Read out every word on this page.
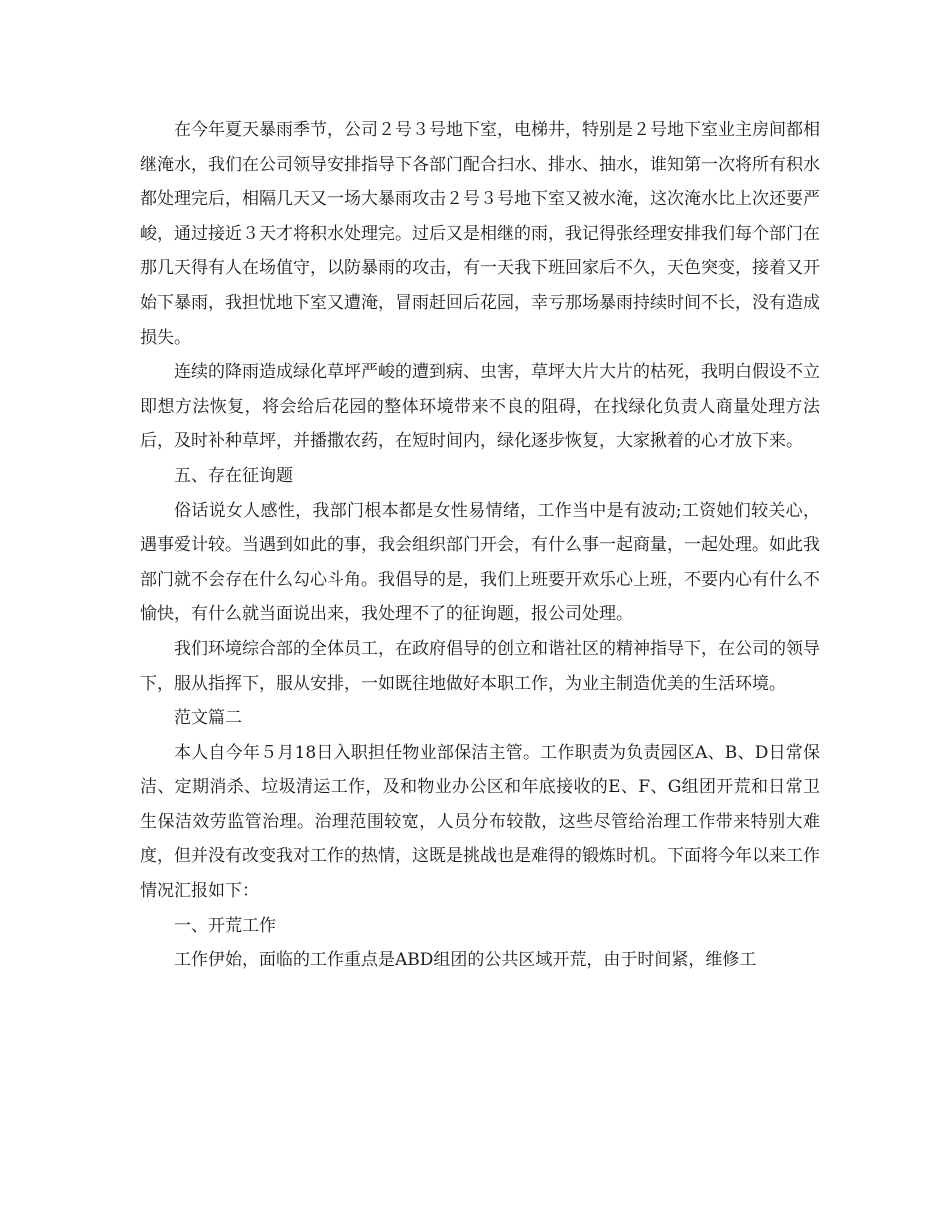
在今年夏天暴雨季节，公司２号３号地下室，电梯井，特别是２号地下室业主房间都相继淹水，我们在公司领导安排指导下各部门配合扫水、排水、抽水，谁知第一次将所有积水都处理完后，相隔几天又一场大暴雨攻击２号３号地下室又被水淹，这次淹水比上次还要严峻，通过接近３天才将积水处理完。过后又是相继的雨，我记得张经理安排我们每个部门在那几天得有人在场值守，以防暴雨的攻击，有一天我下班回家后不久，天色突变，接着又开始下暴雨，我担忧地下室又遭淹，冒雨赶回后花园，幸亏那场暴雨持续时间不长，没有造成损失。

连续的降雨造成绿化草坪严峻的遭到病、虫害，草坪大片大片的枯死，我明白假设不立即想方法恢复，将会给后花园的整体环境带来不良的阻碍，在找绿化负责人商量处理方法后，及时补种草坪，并播撒农药，在短时间内，绿化逐步恢复，大家揪着的心才放下来。

五、存在征询题

俗话说女人感性，我部门根本都是女性易情绪，工作当中是有波动;工资她们较关心，遇事爱计较。当遇到如此的事，我会组织部门开会，有什么事一起商量，一起处理。如此我部门就不会存在什么勾心斗角。我倡导的是，我们上班要开欢乐心上班，不要内心有什么不愉快，有什么就当面说出来，我处理不了的征询题，报公司处理。

我们环境综合部的全体员工，在政府倡导的创立和谐社区的精神指导下，在公司的领导下，服从指挥下，服从安排，一如既往地做好本职工作，为业主制造优美的生活环境。

范文篇二

本人自今年５月18日入职担任物业部保洁主管。工作职责为负责园区A、B、D日常保洁、定期消杀、垃圾清运工作，及和物业办公区和年底接收的E、F、G组团开荒和日常卫生保洁效劳监管治理。治理范围较宽，人员分布较散，这些尽管给治理工作带来特别大难度，但并没有改变我对工作的热情，这既是挑战也是难得的锻炼时机。下面将今年以来工作情况汇报如下：

一、开荒工作

工作伊始，面临的工作重点是ABD组团的公共区域开荒，由于时间紧，维修工
